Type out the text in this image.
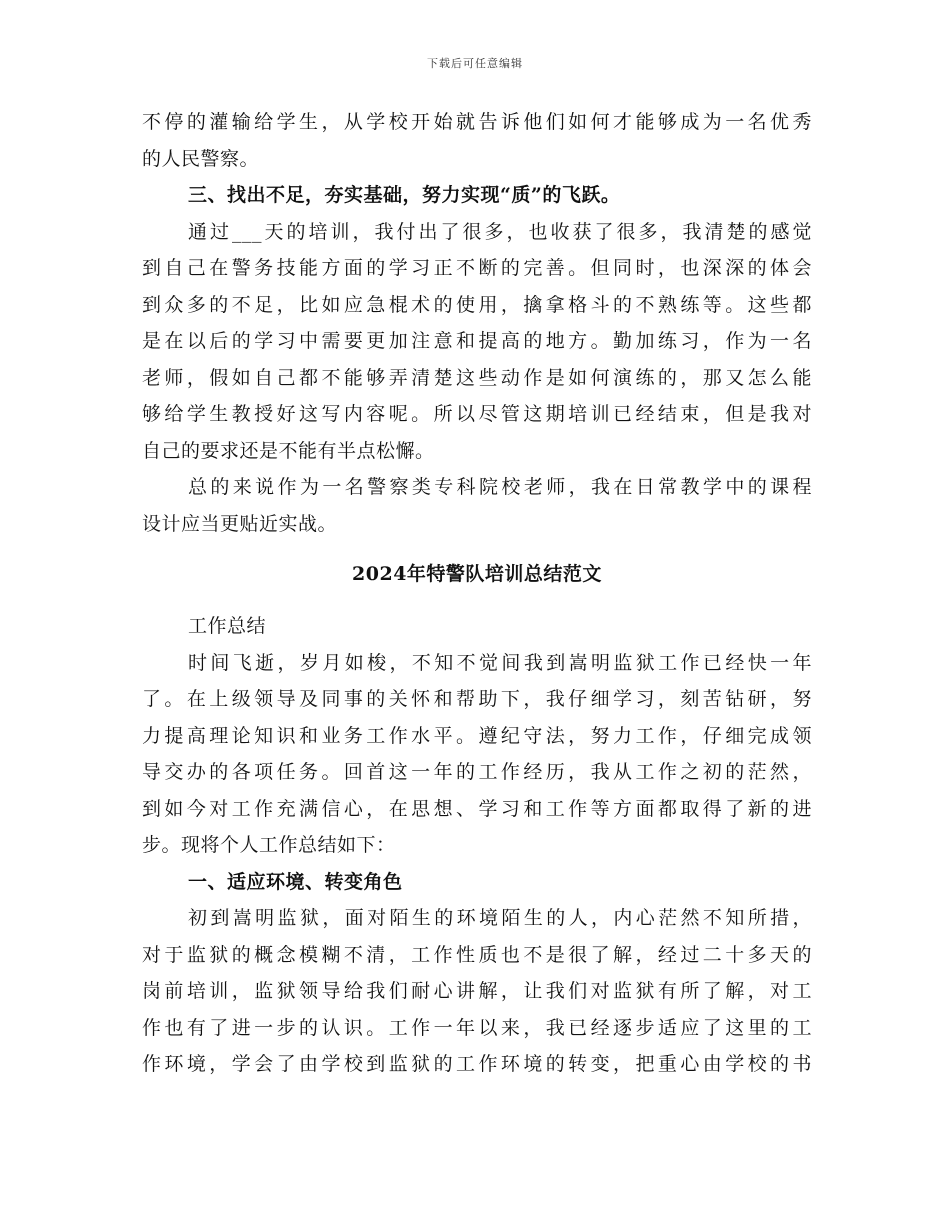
下载后可任意编辑
不停的灌输给学生，从学校开始就告诉他们如何才能够成为一名优秀
的人民警察。
三、找出不足，夯实基础，努力实现“质”的飞跃。
通过___天的培训，我付出了很多，也收获了很多，我清楚的感觉
到自己在警务技能方面的学习正不断的完善。但同时，也深深的体会
到众多的不足，比如应急棍术的使用，擒拿格斗的不熟练等。这些都
是在以后的学习中需要更加注意和提高的地方。勤加练习，作为一名
老师，假如自己都不能够弄清楚这些动作是如何演练的，那又怎么能
够给学生教授好这写内容呢。所以尽管这期培训已经结束，但是我对
自己的要求还是不能有半点松懈。
总的来说作为一名警察类专科院校老师，我在日常教学中的课程
设计应当更贴近实战。
2024年特警队培训总结范文
工作总结
时间飞逝，岁月如梭，不知不觉间我到嵩明监狱工作已经快一年
了。在上级领导及同事的关怀和帮助下，我仔细学习，刻苦钻研，努
力提高理论知识和业务工作水平。遵纪守法，努力工作，仔细完成领
导交办的各项任务。回首这一年的工作经历，我从工作之初的茫然，
到如今对工作充满信心，在思想、学习和工作等方面都取得了新的进
步。现将个人工作总结如下：
一、适应环境、转变角色
初到嵩明监狱，面对陌生的环境陌生的人，内心茫然不知所措，
对于监狱的概念模糊不清，工作性质也不是很了解，经过二十多天的
岗前培训，监狱领导给我们耐心讲解，让我们对监狱有所了解，对工
作也有了进一步的认识。工作一年以来，我已经逐步适应了这里的工
作环境，学会了由学校到监狱的工作环境的转变，把重心由学校的书
